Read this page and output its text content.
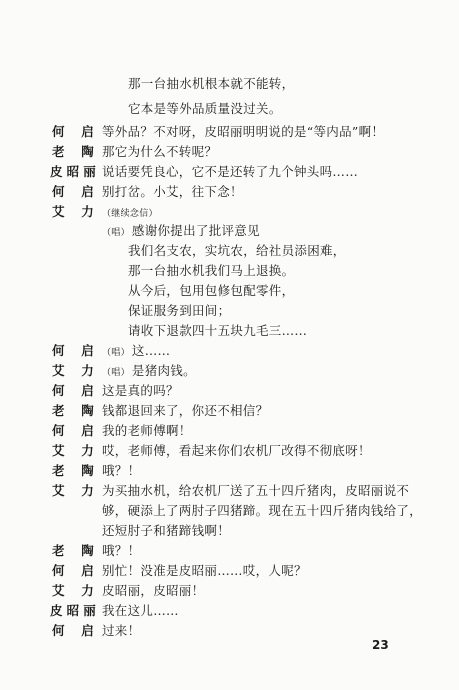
那一台抽水机根本就不能转，
它本是等外品质量没过关。
何　启 等外品？不对呀，皮昭丽明明说的是“等内品”啊！
老　陶 那它为什么不转呢？
皮昭丽 说话要凭良心，它不是还转了九个钟头吗……
何　启 别打岔。小艾，往下念！
艾　力 （继续念信）
（唱） 感谢你提出了批评意见
我们名支农，实坑农，给社员添困难，
那一台抽水机我们马上退换。
从今后，包用包修包配零件，
保证服务到田间；
请收下退款四十五块九毛三……
何　启 （唱） 这……
艾　力 （唱） 是猪肉钱。
何　启 这是真的吗？
老　陶 钱都退回来了，你还不相信？
何　启 我的老师傅啊！
艾　力 哎，老师傅，看起来你们农机厂改得不彻底呀！
老　陶 哦？！
艾　力 为买抽水机，给农机厂送了五十四斤猪肉，皮昭丽说不
够，硬添上了两肘子四猪蹄。现在五十四斤猪肉钱给了，
还短肘子和猪蹄钱啊！
老　陶 哦？！
何　启 别忙！没准是皮昭丽……哎，人呢？
艾　力 皮昭丽，皮昭丽！
皮昭丽 我在这儿……
何　启 过来！
23
